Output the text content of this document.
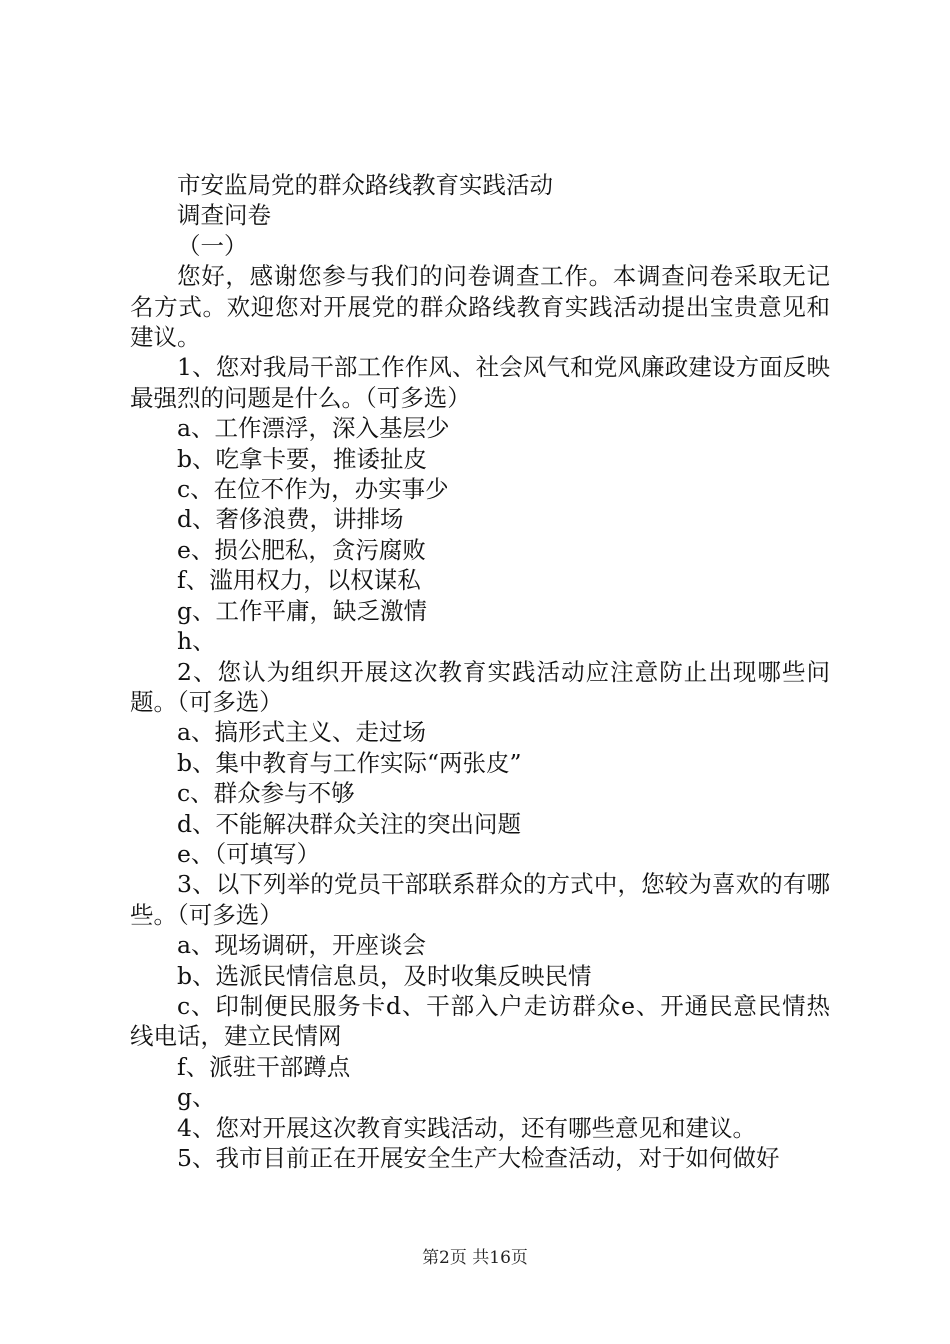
市安监局党的群众路线教育实践活动

调查问卷

（一）

您好，感谢您参与我们的问卷调查工作。本调查问卷采取无记名方式。欢迎您对开展党的群众路线教育实践活动提出宝贵意见和建议。

1、您对我局干部工作作风、社会风气和党风廉政建设方面反映最强烈的问题是什么。（可多选）

a、工作漂浮，深入基层少

b、吃拿卡要，推诿扯皮

c、在位不作为，办实事少

d、奢侈浪费，讲排场

e、损公肥私，贪污腐败

f、滥用权力，以权谋私

g、工作平庸，缺乏激情

h、

2、您认为组织开展这次教育实践活动应注意防止出现哪些问题。（可多选）

a、搞形式主义、走过场

b、集中教育与工作实际“两张皮”

c、群众参与不够

d、不能解决群众关注的突出问题

e、（可填写）

3、以下列举的党员干部联系群众的方式中，您较为喜欢的有哪些。（可多选）

a、现场调研，开座谈会

b、选派民情信息员，及时收集反映民情

c、印制便民服务卡d、干部入户走访群众e、开通民意民情热线电话，建立民情网

f、派驻干部蹲点

g、

4、您对开展这次教育实践活动，还有哪些意见和建议。

5、我市目前正在开展安全生产大检查活动，对于如何做好

第2页 共16页
